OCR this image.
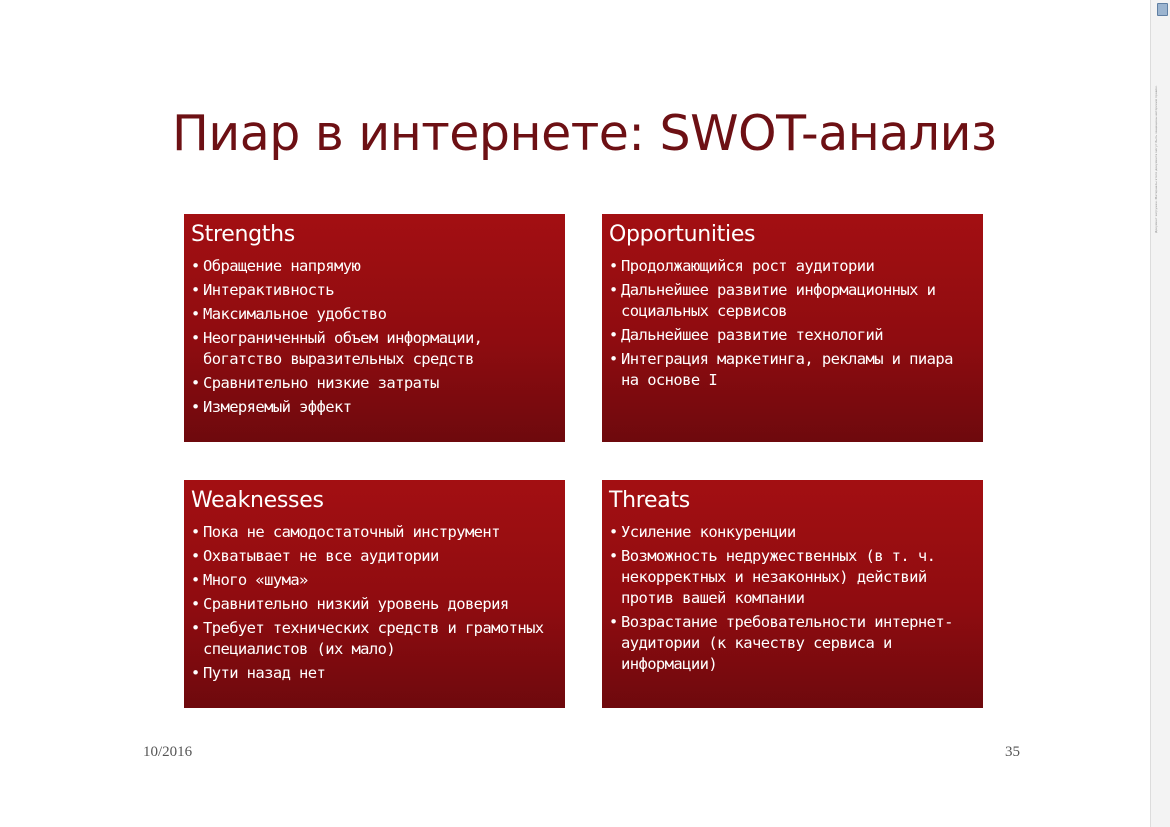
Документ загружен. Материалы этого документа могут быть защищены авторским правом.
Пиар в интернете: SWOT-анализ
Strengths
• Обращение напрямую
• Интерактивность
• Максимальное удобство
• Неограниченный объем информации, богатство выразительных средств
• Сравнительно низкие затраты
• Измеряемый эффект
Opportunities
• Продолжающийся рост аудитории
• Дальнейшее развитие информационных и социальных сервисов
• Дальнейшее развитие технологий
• Интеграция маркетинга, рекламы и пиара на основе I
Weaknesses
• Пока не самодостаточный инструмент
• Охватывает не все аудитории
• Много «шума»
• Сравнительно низкий уровень доверия
• Требует технических средств и грамотных специалистов (их мало)
• Пути назад нет
Threats
• Усиление конкуренции
• Возможность недружественных (в т. ч. некорректных и незаконных) действий против вашей компании
• Возрастание требовательности интернет-аудитории (к качеству сервиса и информации)
10/2016	35
